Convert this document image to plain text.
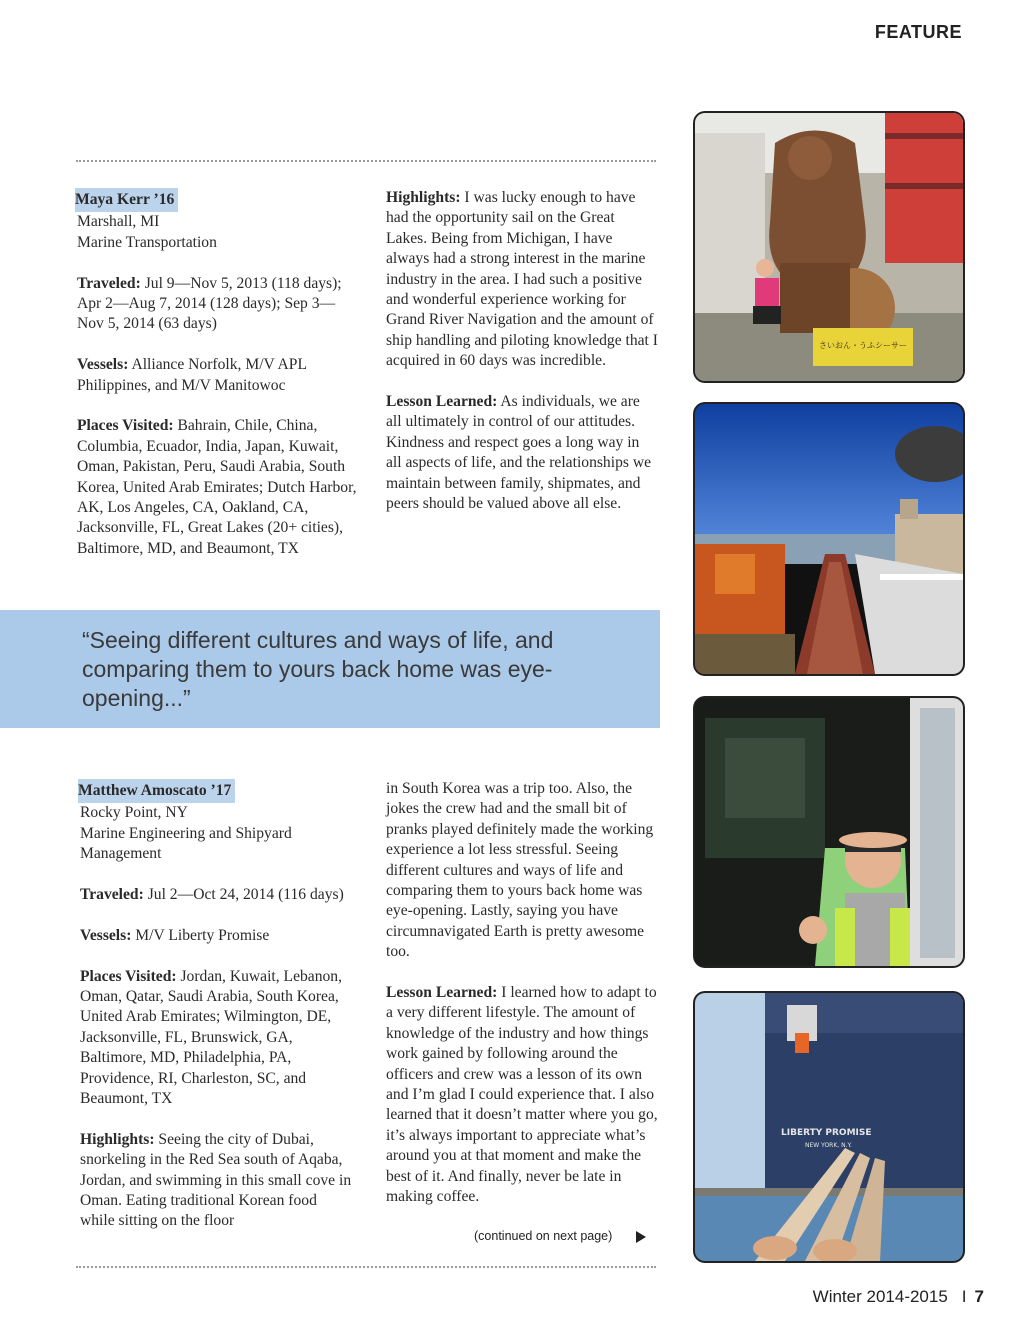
FEATURE

Maya Kerr ’16
Marshall, MI
Marine Transportation

Traveled: Jul 9—Nov 5, 2013 (118 days); Apr 2—Aug 7, 2014 (128 days); Sep 3—Nov 5, 2014 (63 days)

Vessels: Alliance Norfolk, M/V APL Philippines, and M/V Manitowoc

Places Visited: Bahrain, Chile, China, Columbia, Ecuador, India, Japan, Kuwait, Oman, Pakistan, Peru, Saudi Arabia, South Korea, United Arab Emirates; Dutch Harbor, AK, Los Angeles, CA, Oakland, CA, Jacksonville, FL, Great Lakes (20+ cities), Baltimore, MD, and Beaumont, TX

Highlights: I was lucky enough to have had the opportunity sail on the Great Lakes. Being from Michigan, I have always had a strong interest in the marine industry in the area. I had such a positive and wonderful experience working for Grand River Navigation and the amount of ship handling and piloting knowledge that I acquired in 60 days was incredible.

Lesson Learned: As individuals, we are all ultimately in control of our attitudes. Kindness and respect goes a long way in all aspects of life, and the relationships we maintain between family, shipmates, and peers should be valued above all else.

“Seeing different cultures and ways of life, and comparing them to yours back home was eye-opening...”

Matthew Amoscato ’17
Rocky Point, NY
Marine Engineering and Shipyard Management

Traveled: Jul 2—Oct 24, 2014 (116 days)

Vessels: M/V Liberty Promise

Places Visited: Jordan, Kuwait, Lebanon, Oman, Qatar, Saudi Arabia, South Korea, United Arab Emirates; Wilmington, DE, Jacksonville, FL, Brunswick, GA, Baltimore, MD, Philadelphia, PA, Providence, RI, Charleston, SC, and Beaumont, TX

Highlights: Seeing the city of Dubai, snorkeling in the Red Sea south of Aqaba, Jordan, and swimming in this small cove in Oman. Eating traditional Korean food while sitting on the floor

in South Korea was a trip too. Also, the jokes the crew had and the small bit of pranks played definitely made the working experience a lot less stressful. Seeing different cultures and ways of life and comparing them to yours back home was eye-opening. Lastly, saying you have circumnavigated Earth is pretty awesome too.

Lesson Learned: I learned how to adapt to a very different lifestyle. The amount of knowledge of the industry and how things work gained by following around the officers and crew was a lesson of its own and I’m glad I could experience that. I also learned that it doesn’t matter where you go, it’s always important to appreciate what’s around you at that moment and make the best of it. And finally, never be late in making coffee.

(continued on next page)
Winter 2014-2015 I 7
さいおん・うふシーサー
LIBERTY PROMISE
NEW YORK, N.Y.
